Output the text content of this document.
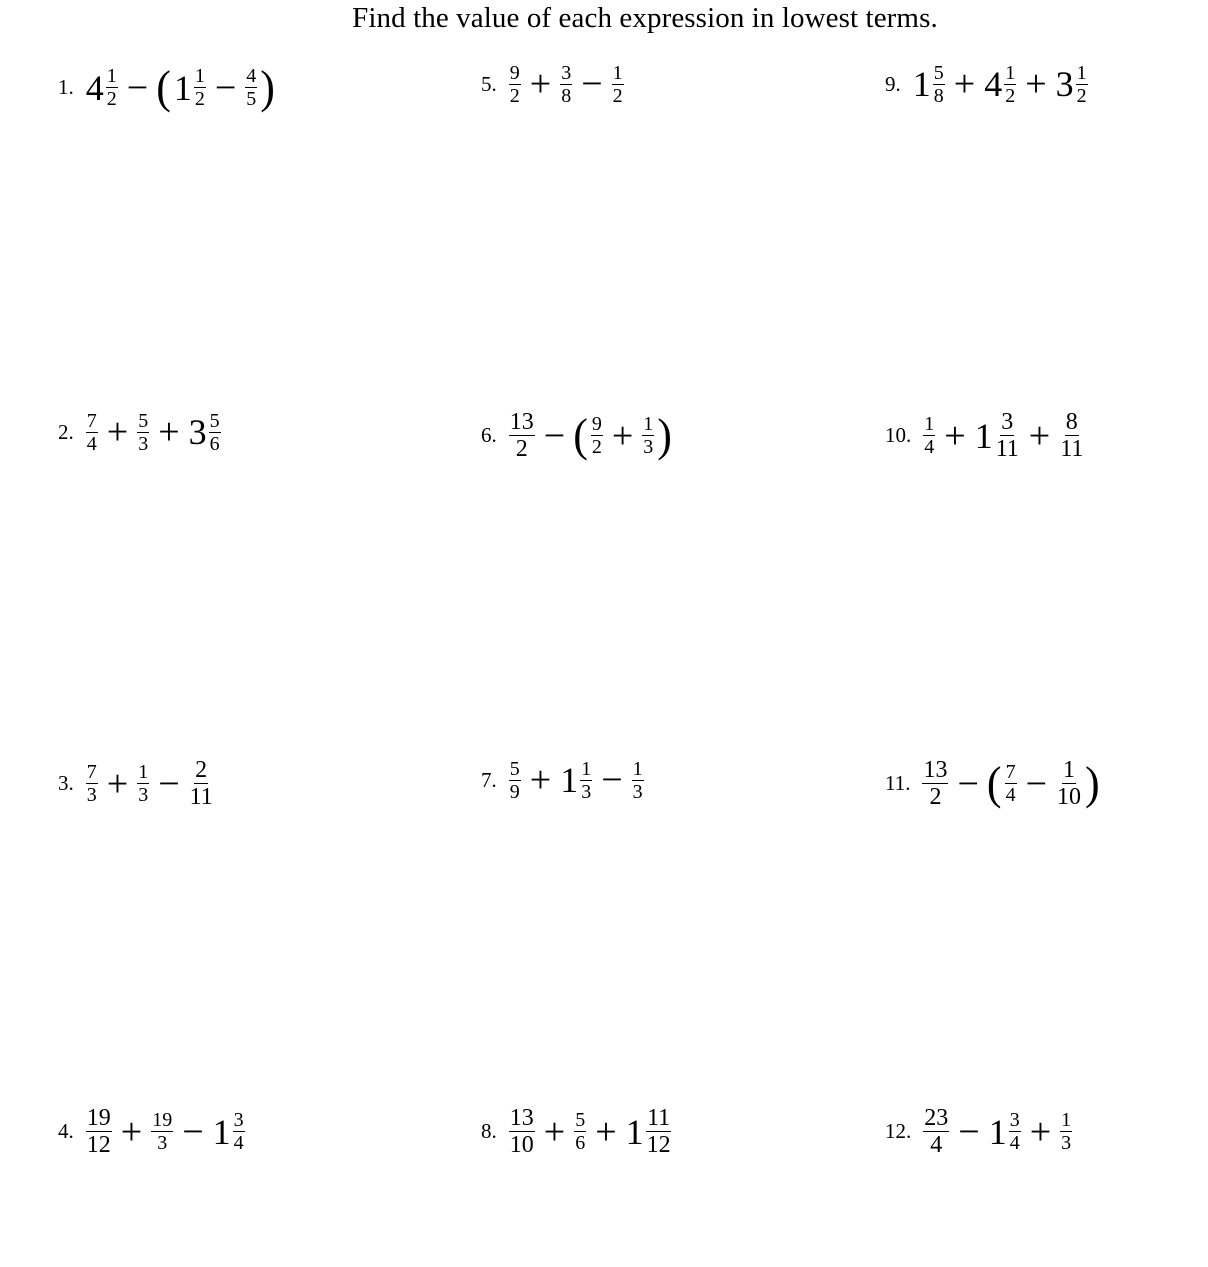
Find the value of each expression in lowest terms.
1. $4 \frac{1}{2}$ − ( $1 \frac{1}{2} - \frac{4}{5}$ )
2. $\frac{7}{4} + \frac{5}{3} + 3 \frac{5}{6}$
3. $\frac{7}{3} + \frac{1}{3} - \frac{2}{11}$
4. $\frac{19}{12} + \frac{19}{3} - 1 \frac{3}{4}$
5. $\frac{9}{2} + \frac{3}{8} - \frac{1}{2}$
6. $\frac{13}{2}$ − ( $\frac{9}{2} + \frac{1}{3}$ )
7. $\frac{5}{9} + 1 \frac{1}{3} - \frac{1}{3}$
8. $\frac{13}{10} + \frac{5}{6} + 1 \frac{11}{12}$
9. $1 \frac{5}{8} + 4 \frac{1}{2} + 3 \frac{1}{2}$
10. $\frac{1}{4} + 1 \frac{3}{11} + \frac{8}{11}$
11. $\frac{13}{2}$ − ( $\frac{7}{4} - \frac{1}{10}$ )
12. $\frac{23}{4} - 1 \frac{3}{4} + \frac{1}{3}$
